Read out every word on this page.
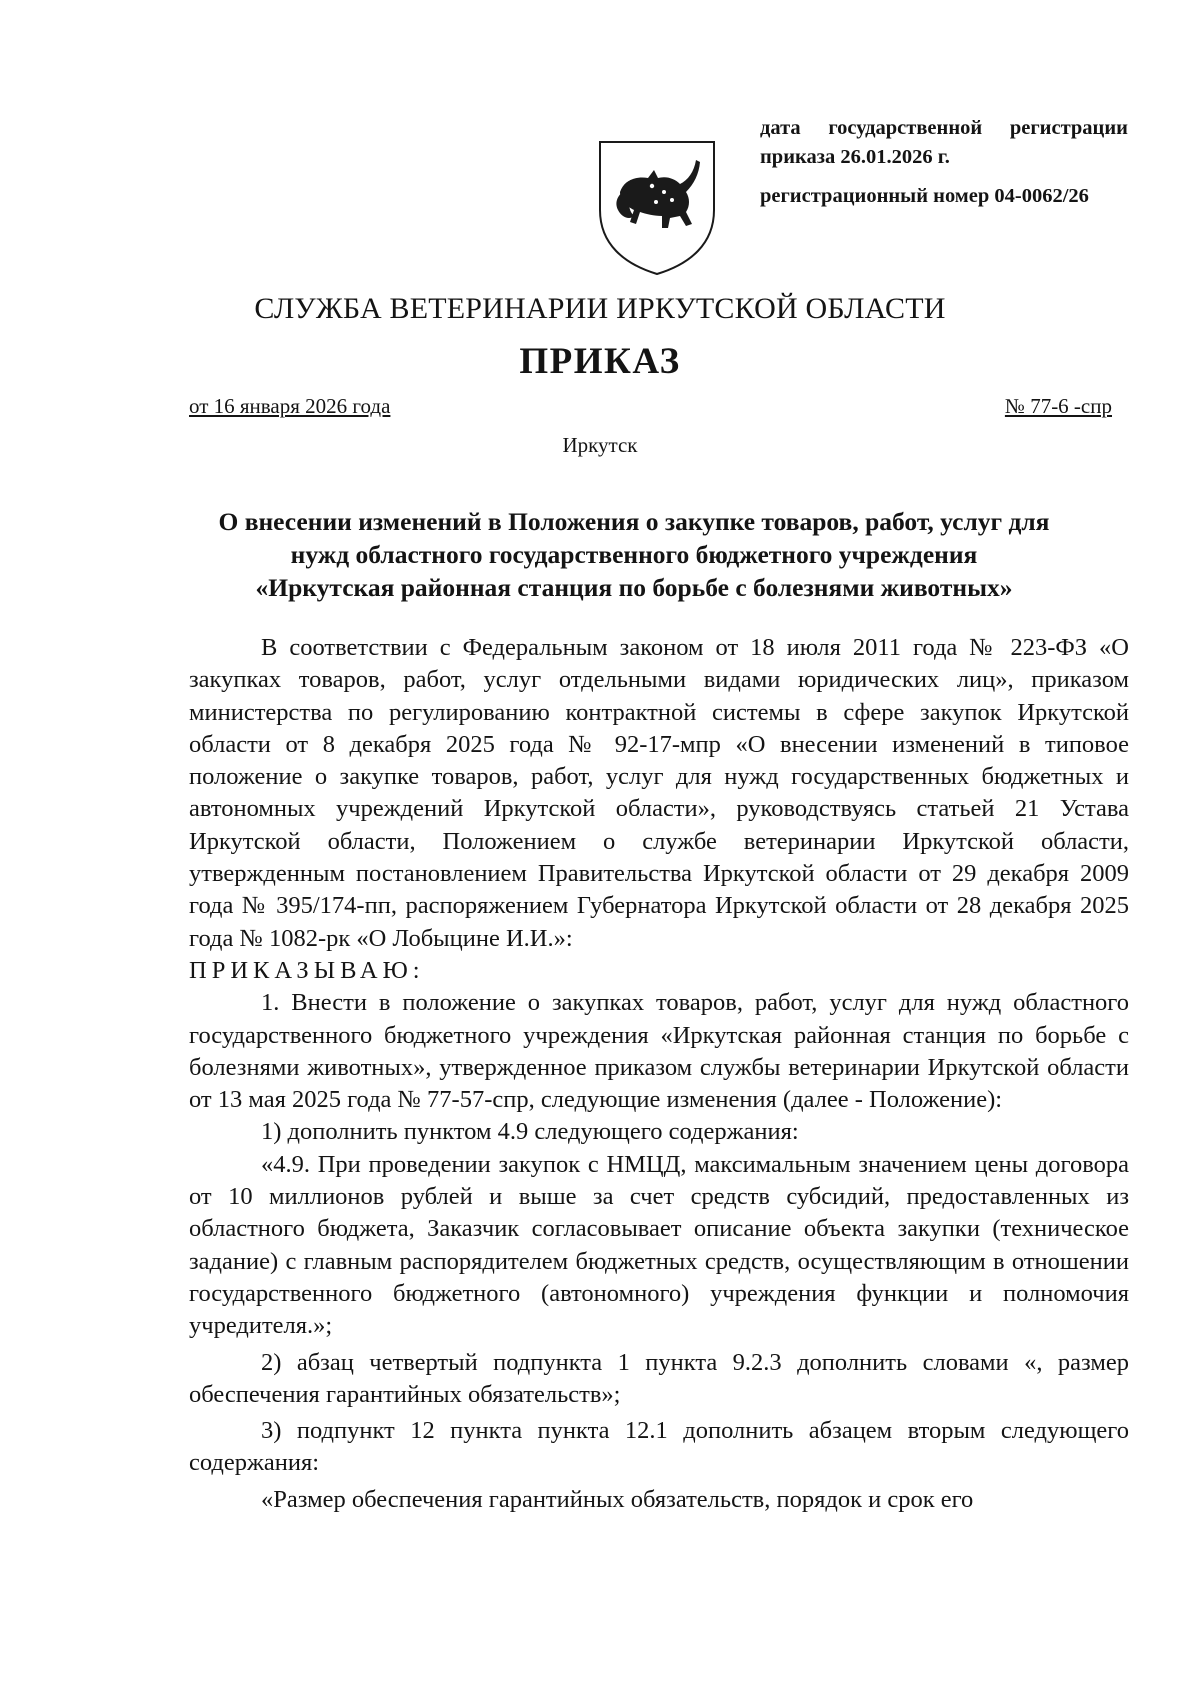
дата государственной регистрации
приказа 26.01.2026 г.
регистрационный номер 04-0062/26
СЛУЖБА ВЕТЕРИНАРИИ ИРКУТСКОЙ ОБЛАСТИ
ПРИКАЗ
от 16 января 2026 года	№ 77-6 -спр
Иркутск
О внесении изменений в Положения о закупке товаров, работ, услуг для
нужд областного государственного бюджетного учреждения
«Иркутская районная станция по борьбе с болезнями животных»

В соответствии с Федеральным законом от 18 июля 2011 года № 223-ФЗ «О закупках товаров, работ, услуг отдельными видами юридических лиц», приказом министерства по регулированию контрактной системы в сфере закупок Иркутской области от 8 декабря 2025 года № 92-17-мпр «О внесении изменений в типовое положение о закупке товаров, работ, услуг для нужд государственных бюджетных и автономных учреждений Иркутской области», руководствуясь статьей 21 Устава Иркутской области, Положением о службе ветеринарии Иркутской области, утвержденным постановлением Правительства Иркутской области от 29 декабря 2009 года № 395/174-пп, распоряжением Губернатора Иркутской области от 28 декабря 2025 года № 1082-рк «О Лобыцине И.И.»:

ПРИКАЗЫВАЮ:

1. Внести в положение о закупках товаров, работ, услуг для нужд областного государственного бюджетного учреждения «Иркутская районная станция по борьбе с болезнями животных», утвержденное приказом службы ветеринарии Иркутской области от 13 мая 2025 года № 77-57-спр, следующие изменения (далее - Положение):

1) дополнить пунктом 4.9 следующего содержания:

«4.9. При проведении закупок с НМЦД, максимальным значением цены договора от 10 миллионов рублей и выше за счет средств субсидий, предоставленных из областного бюджета, Заказчик согласовывает описание объекта закупки (техническое задание) с главным распорядителем бюджетных средств, осуществляющим в отношении государственного бюджетного (автономного) учреждения функции и полномочия учредителя.»;

2) абзац четвертый подпункта 1 пункта 9.2.3 дополнить словами «, размер обеспечения гарантийных обязательств»;

3) подпункт 12 пункта пункта 12.1 дополнить абзацем вторым следующего содержания:

«Размер обеспечения гарантийных обязательств, порядок и срок его
